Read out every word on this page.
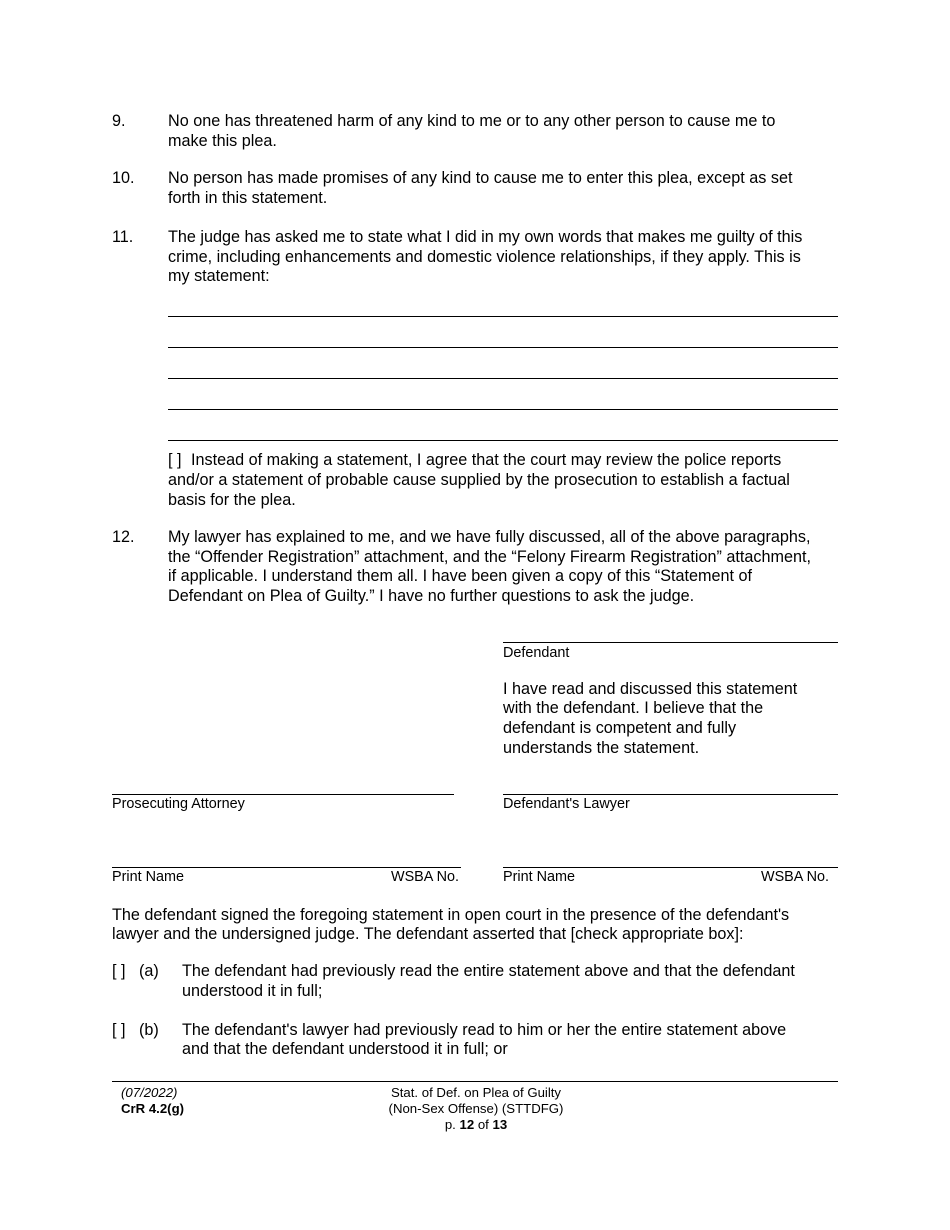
9.	No one has threatened harm of any kind to me or to any other person to cause me to
make this plea.
10. No person has made promises of any kind to cause me to enter this plea, except as set
forth in this statement.
11. The judge has asked me to state what I did in my own words that makes me guilty of this
crime, including enhancements and domestic violence relationships, if they apply. This is
my statement:
[ ] Instead of making a statement, I agree that the court may review the police reports
and/or a statement of probable cause supplied by the prosecution to establish a factual
basis for the plea.
12. My lawyer has explained to me, and we have fully discussed, all of the above paragraphs,
the “Offender Registration” attachment, and the “Felony Firearm Registration” attachment,
if applicable. I understand them all. I have been given a copy of this “Statement of
Defendant on Plea of Guilty.” I have no further questions to ask the judge.
Defendant
I have read and discussed this statement
with the defendant. I believe that the
defendant is competent and fully
understands the statement.
Prosecuting Attorney	Defendant's Lawyer
Print Name	WSBA No.	Print Name	WSBA No.
The defendant signed the foregoing statement in open court in the presence of the defendant's
lawyer and the undersigned judge. The defendant asserted that [check appropriate box]:
[ ] (a) The defendant had previously read the entire statement above and that the defendant
understood it in full;
[ ] (b) The defendant's lawyer had previously read to him or her the entire statement above
and that the defendant understood it in full; or
(07/2022)
CrR 4.2(g)
Stat. of Def. on Plea of Guilty
(Non-Sex Offense) (STTDFG)
p. 12 of 13
